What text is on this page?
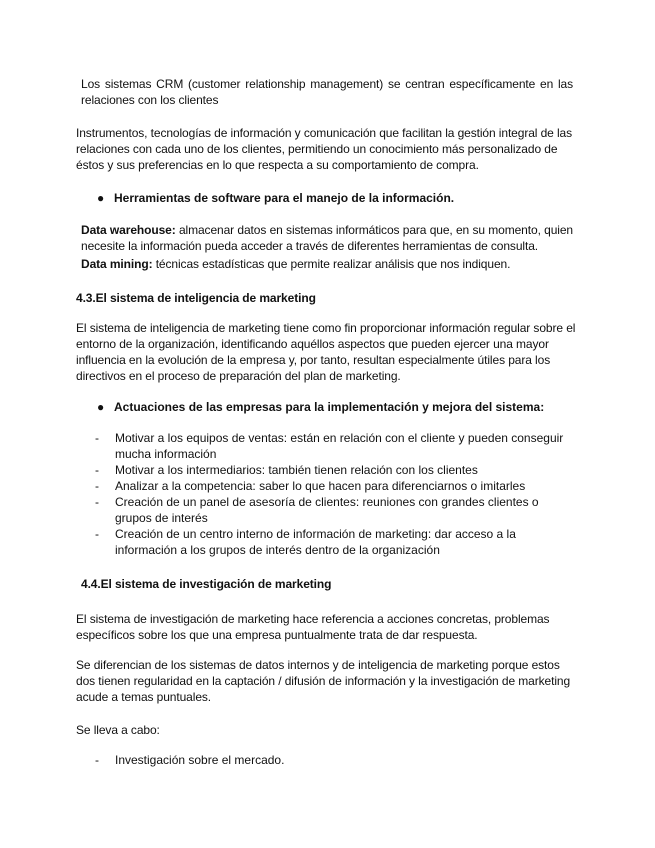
Los sistemas CRM (customer relationship management) se centran específicamente en las relaciones con los clientes

Instrumentos, tecnologías de información y comunicación que facilitan la gestión integral de las relaciones con cada uno de los clientes, permitiendo un conocimiento más personalizado de éstos y sus preferencias en lo que respecta a su comportamiento de compra.

● Herramientas de software para el manejo de la información.

Data warehouse: almacenar datos en sistemas informáticos para que, en su momento, quien necesite la información pueda acceder a través de diferentes herramientas de consulta.

Data mining: técnicas estadísticas que permite realizar análisis que nos indiquen.

4.3.El sistema de inteligencia de marketing

El sistema de inteligencia de marketing tiene como fin proporcionar información regular sobre el entorno de la organización, identificando aquéllos aspectos que pueden ejercer una mayor influencia en la evolución de la empresa y, por tanto, resultan especialmente útiles para los directivos en el proceso de preparación del plan de marketing.

● Actuaciones de las empresas para la implementación y mejora del sistema:
- Motivar a los equipos de ventas: están en relación con el cliente y pueden conseguir mucha información
- Motivar a los intermediarios: también tienen relación con los clientes
- Analizar a la competencia: saber lo que hacen para diferenciarnos o imitarles
- Creación de un panel de asesoría de clientes: reuniones con grandes clientes o grupos de interés
- Creación de un centro interno de información de marketing: dar acceso a la información a los grupos de interés dentro de la organización
4.4.El sistema de investigación de marketing

El sistema de investigación de marketing hace referencia a acciones concretas, problemas específicos sobre los que una empresa puntualmente trata de dar respuesta.

Se diferencian de los sistemas de datos internos y de inteligencia de marketing porque estos dos tienen regularidad en la captación / difusión de información y la investigación de marketing acude a temas puntuales.

Se lleva a cabo:

- Investigación sobre el mercado.
